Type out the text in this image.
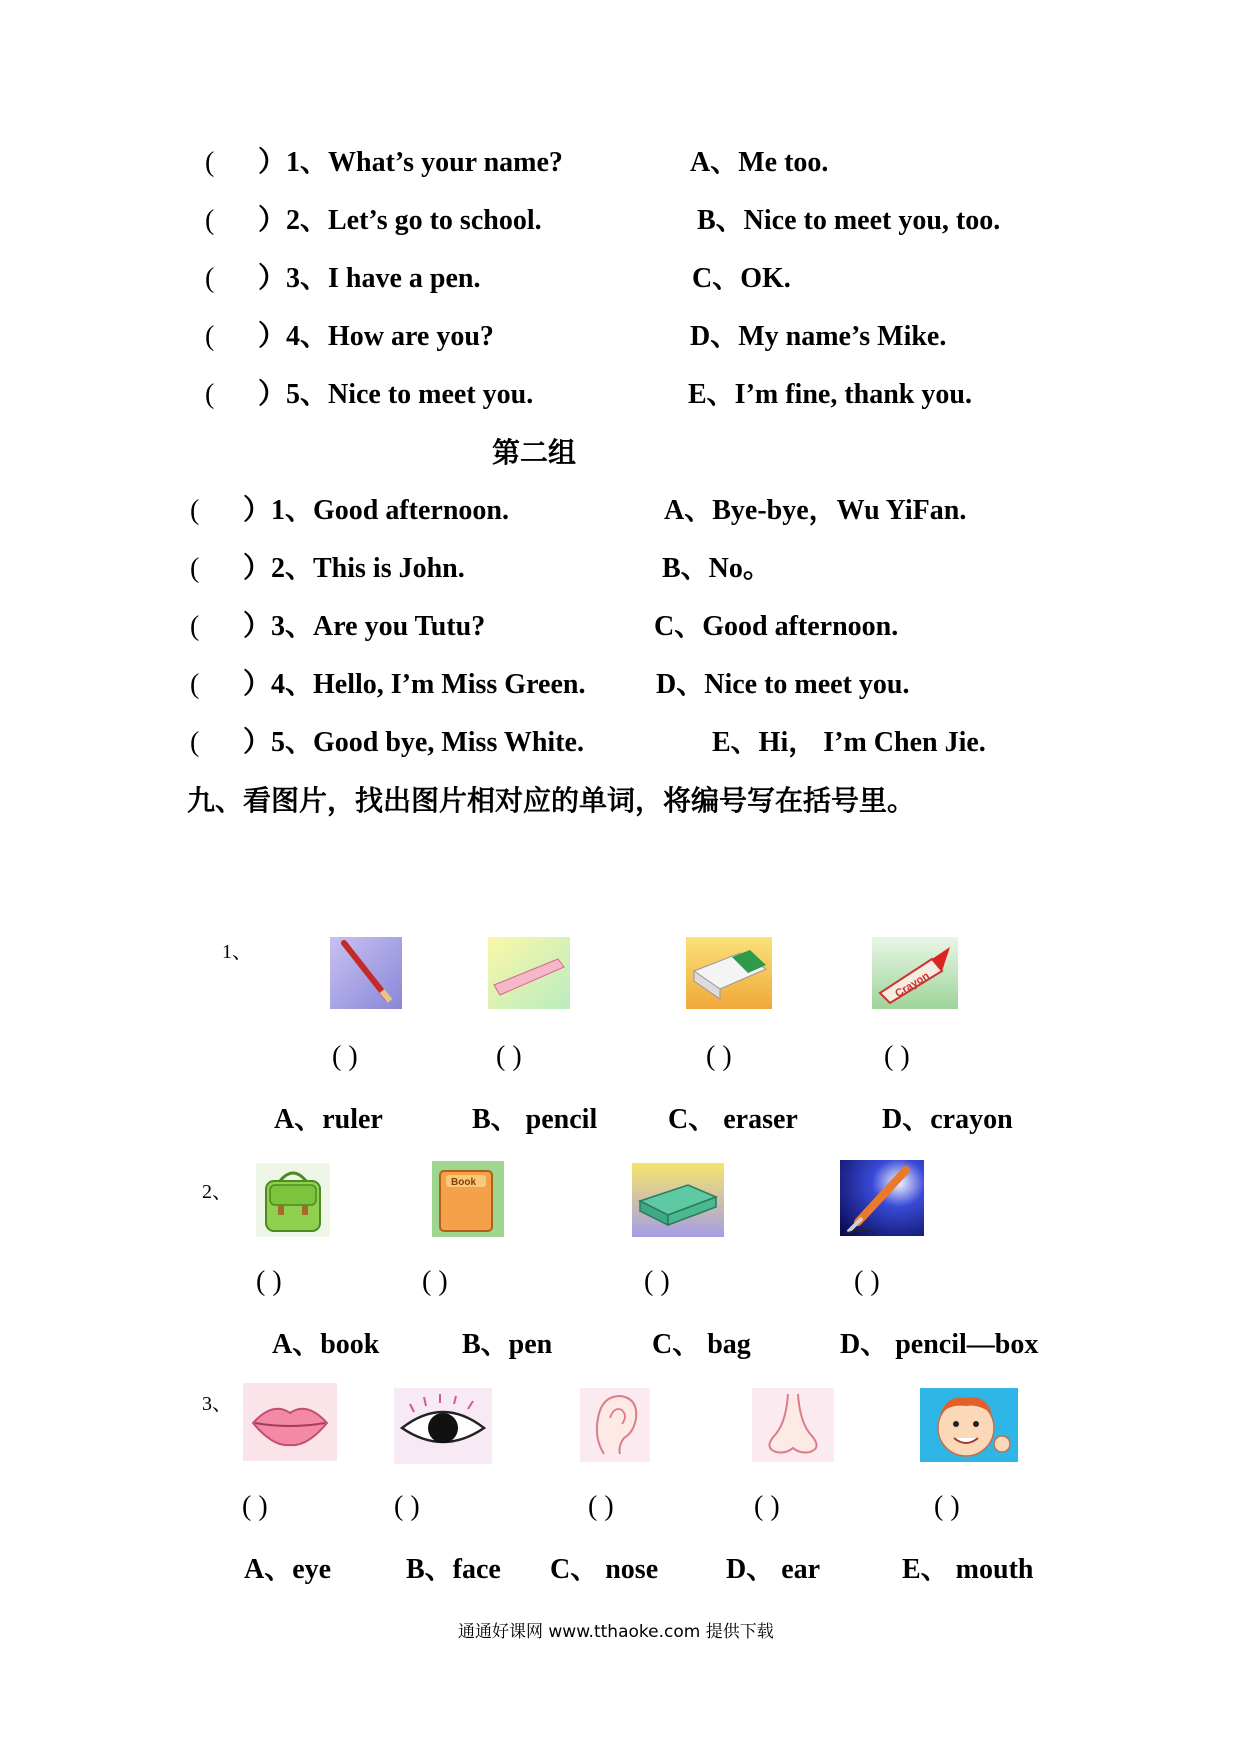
( ）1、What’s your name?	A、Me too.
( ）2、Let’s go to school.	B、Nice to meet you, too.
( ）3、I have a pen.	C、OK.
( ）4、How are you?	D、My name’s Mike.
( ）5、Nice to meet you.	E、I’m fine, thank you.
第二组
( ）1、Good afternoon.	A、Bye-bye，Wu YiFan.
( ）2、This is John.	B、No。
( ）3、Are you Tutu?	C、Good afternoon.
( ）4、Hello, I’m Miss Green.	D、Nice to meet you.
( ）5、Good bye, Miss White.	E、Hi， I’m Chen Jie.
九、看图片，找出图片相对应的单词，将编号写在括号里。
1、
Crayon
( )	( )	( )	( )
A、ruler	B、 pencil	C、 eraser	D、crayon
2、	Book
( )	( )	( )	( )
A、book	B、pen	C、 bag	D、 pencil—box
3、
( )	( )	( )	( )	( )
A、eye	B、face C、 nose D、 ear	E、 mouth
通通好课网 www.tthaoke.com 提供下载
